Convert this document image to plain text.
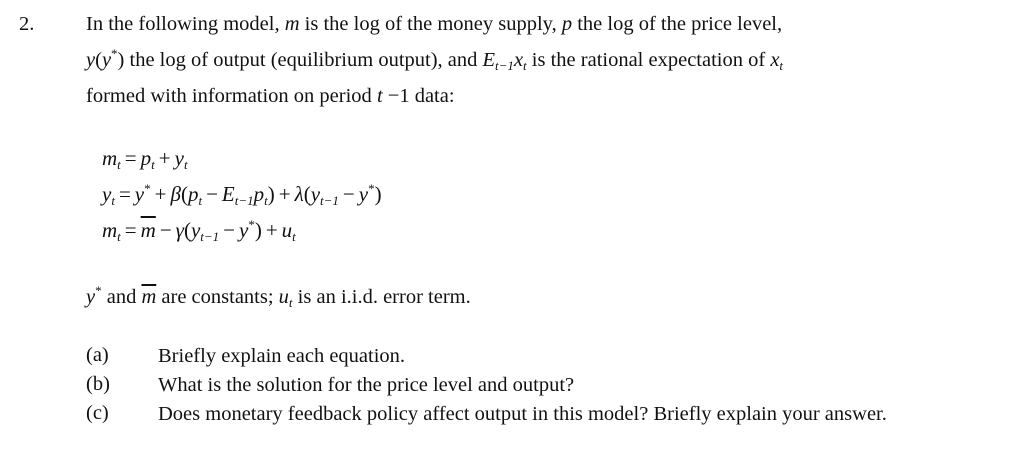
2.	In the following model, m is the log of the money supply, p the log of the price level,
y(y*) the log of output (equilibrium output), and $E_{t-1}x_t$ is the rational expectation of $x_t$
formed with information on period t −1 data:
$m_t = p_t + y_t$
$y_t = y^* + \beta(p_t - E_{t-1}p_t) + \lambda(y_{t-1} - y^*)$
$m_t = \overline{m} - \gamma(y_{t-1} - y^*) + u_t$
y* and $\overline{m}$ are constants; $u_t$ is an i.i.d. error term.
(a) Briefly explain each equation.
(b) What is the solution for the price level and output?
(c) Does monetary feedback policy affect output in this model? Briefly explain your answer.
